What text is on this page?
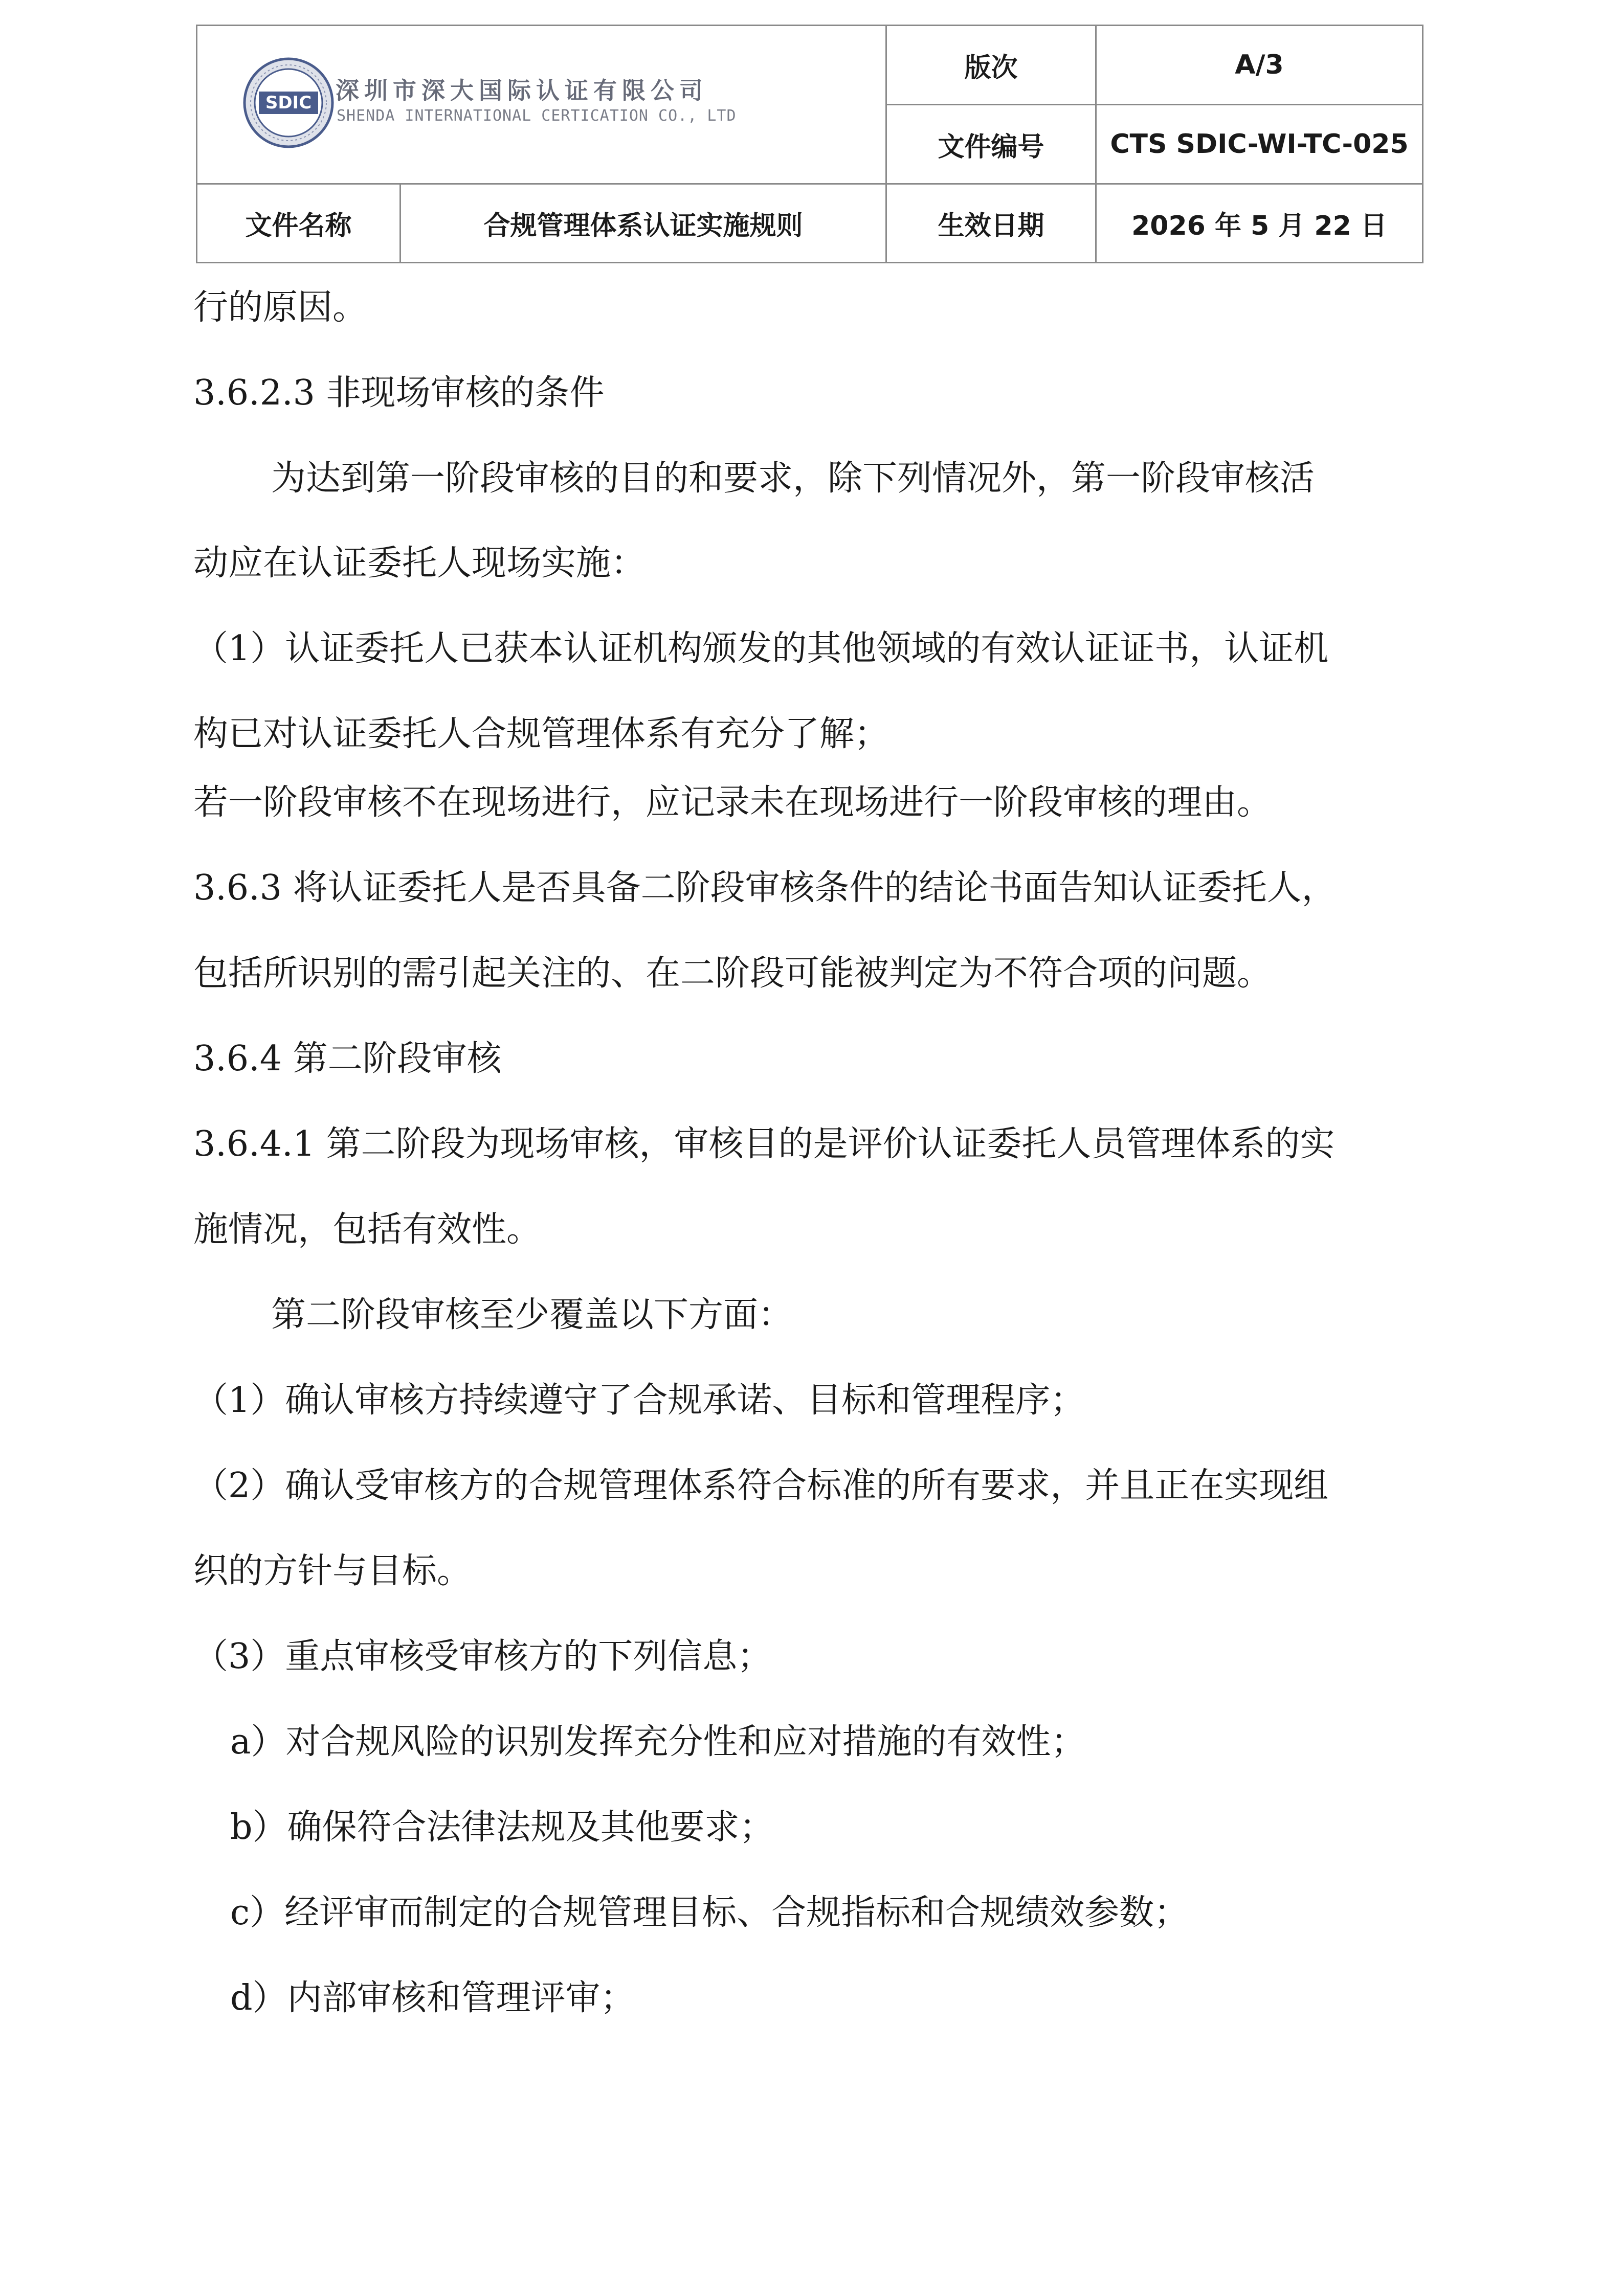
SDIC 深圳市深大国际认证有限公司
SHENDA INTERNATIONAL CERTICATION CO., LTD
版次	A/3
文件编号	CTS SDIC-WI-TC-025
文件名称	合规管理体系认证实施规则	生效日期	2026 年 5 月 22 日
行的原因。
3.6.2.3 非现场审核的条件
为达到第一阶段审核的目的和要求，除下列情况外，第一阶段审核活
动应在认证委托人现场实施：
（1）认证委托人已获本认证机构颁发的其他领域的有效认证证书，认证机
构已对认证委托人合规管理体系有充分了解；
若一阶段审核不在现场进行，应记录未在现场进行一阶段审核的理由。
3.6.3 将认证委托人是否具备二阶段审核条件的结论书面告知认证委托人，
包括所识别的需引起关注的、在二阶段可能被判定为不符合项的问题。
3.6.4 第二阶段审核
3.6.4.1 第二阶段为现场审核，审核目的是评价认证委托人员管理体系的实
施情况，包括有效性。
第二阶段审核至少覆盖以下方面：
（1）确认审核方持续遵守了合规承诺、目标和管理程序；
（2）确认受审核方的合规管理体系符合标准的所有要求，并且正在实现组
织的方针与目标。
（3）重点审核受审核方的下列信息；
a）对合规风险的识别发挥充分性和应对措施的有效性；
b）确保符合法律法规及其他要求；
c）经评审而制定的合规管理目标、合规指标和合规绩效参数；
d）内部审核和管理评审；
